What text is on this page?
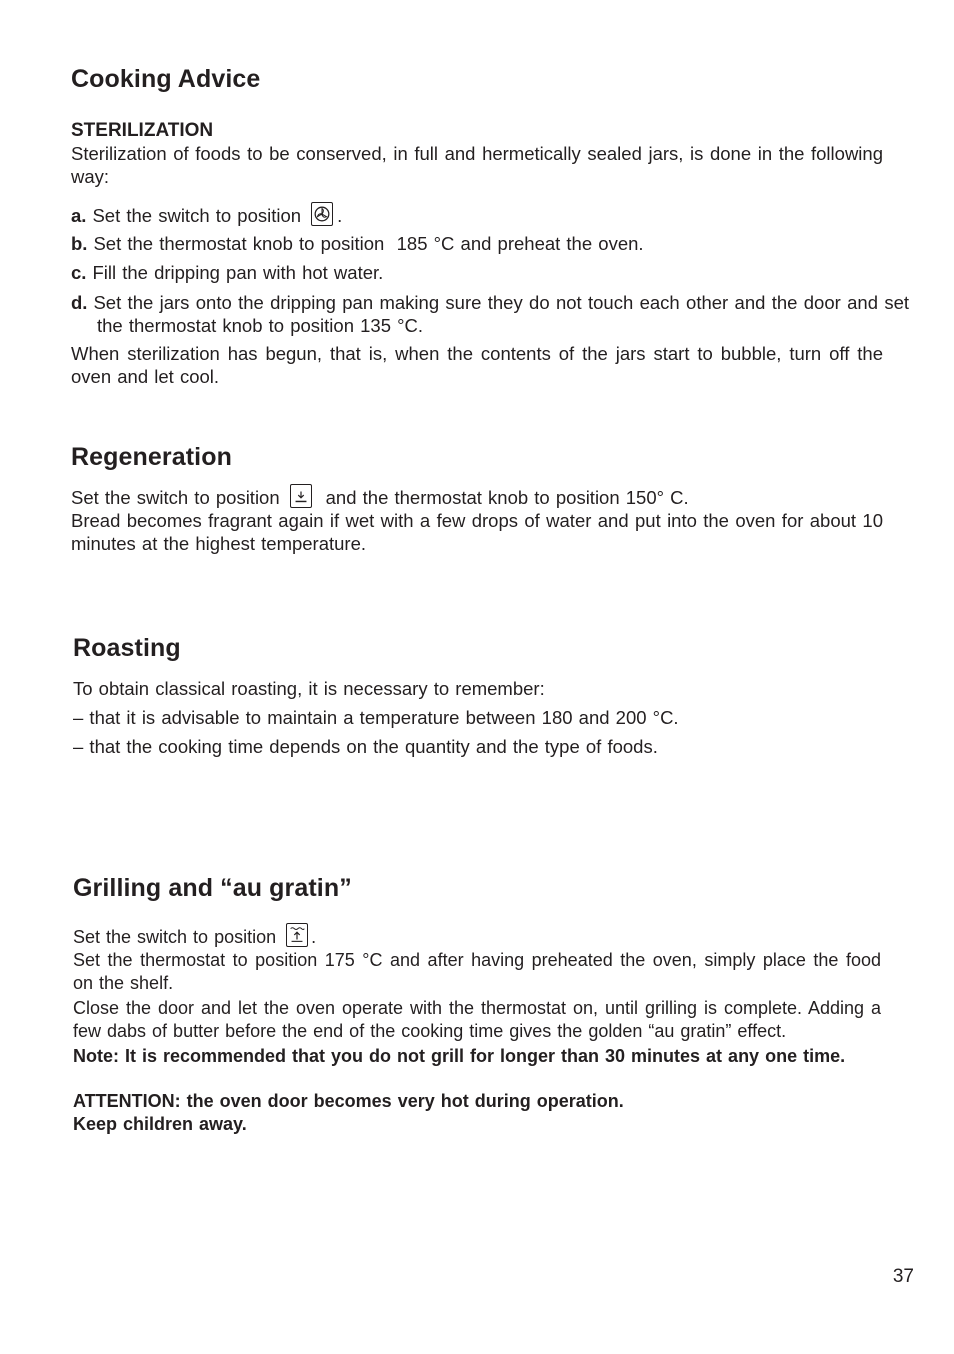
Cooking Advice
STERILIZATION

Sterilization of foods to be conserved, in full and hermetically sealed jars, is done in the following way:

a. Set the switch to position .
b. Set the thermostat knob to position  185 °C and preheat the oven.
c. Fill the dripping pan with hot water.
d. Set the jars onto the dripping pan making sure they do not touch each other and the door and set the thermostat knob to position 135 °C.

When sterilization has begun, that is, when the contents of the jars start to bubble, turn off the oven and let cool.

Regeneration
Set the switch to position and the thermostat knob to position 150° C.

Bread becomes fragrant again if wet with a few drops of water and put into the oven for about 10 minutes at the highest temperature.

Roasting

To obtain classical roasting, it is necessary to remember:

– that it is advisable to maintain a temperature between 180 and 200 °C.

– that the cooking time depends on the quantity and the type of foods.

Grilling and “au gratin”
Set the switch to position .

Set the thermostat to position 175 °C and after having preheated the oven, simply place the food on the shelf.

Close the door and let the oven operate with the thermostat on, until grilling is complete. Adding a few dabs of butter before the end of the cooking time gives the golden “au gratin” effect.

Note: It is recommended that you do not grill for longer than 30 minutes at any one time.

ATTENTION: the oven door becomes very hot during operation.

Keep children away.

37
